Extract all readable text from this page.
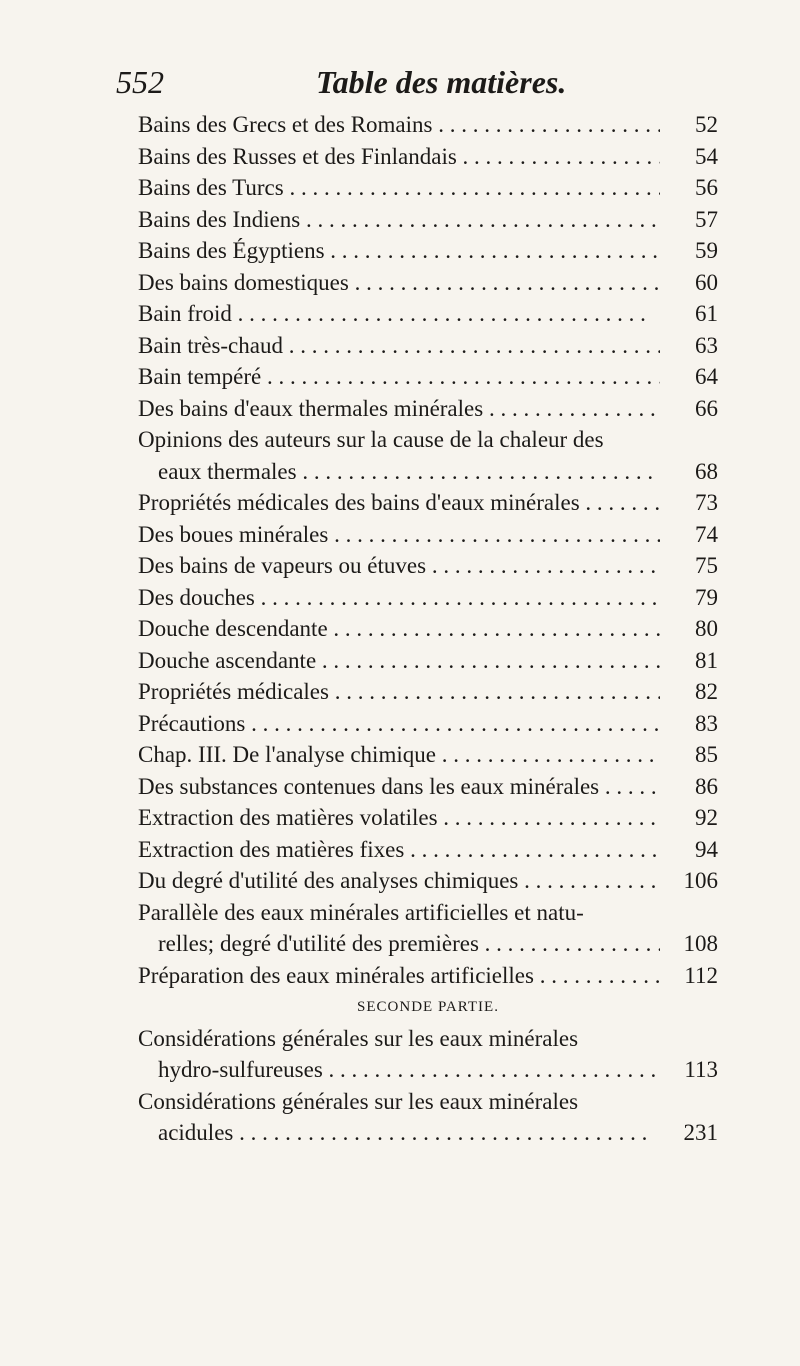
552	Table des matières.
Bains des Grecs et des Romains . . .	52
Bains des Russes et des Finlandais . . .	54
Bains des Turcs . . .	56
Bains des Indiens . . .	57
Bains des Égyptiens . . .	59
Des bains domestiques . . .	60
Bain froid . . .	61
Bain très-chaud . . .	63
Bain tempéré . . .	64
Des bains d'eaux thermales minérales . . .	66
Opinions des auteurs sur la cause de la chaleur des
eaux thermales . . .	68
Propriétés médicales des bains d'eaux minérales . . .	73
Des boues minérales . . .	74
Des bains de vapeurs ou étuves . . .	75
Des douches . . .	79
Douche descendante . . .	80
Douche ascendante . . .	81
Propriétés médicales . . .	82
Précautions . . .	83
Chap. III. De l'analyse chimique . . .	85
Des substances contenues dans les eaux minérales . . .	86
Extraction des matières volatiles . . .	92
Extraction des matières fixes . . .	94
Du degré d'utilité des analyses chimiques . . .	106
Parallèle des eaux minérales artificielles et natu-
relles; degré d'utilité des premières . . .	108
Préparation des eaux minérales artificielles . . .	112
SECONDE PARTIE.
Considérations générales sur les eaux minérales
hydro-sulfureuses . . .	113
Considérations générales sur les eaux minérales
acidules . . .	231
